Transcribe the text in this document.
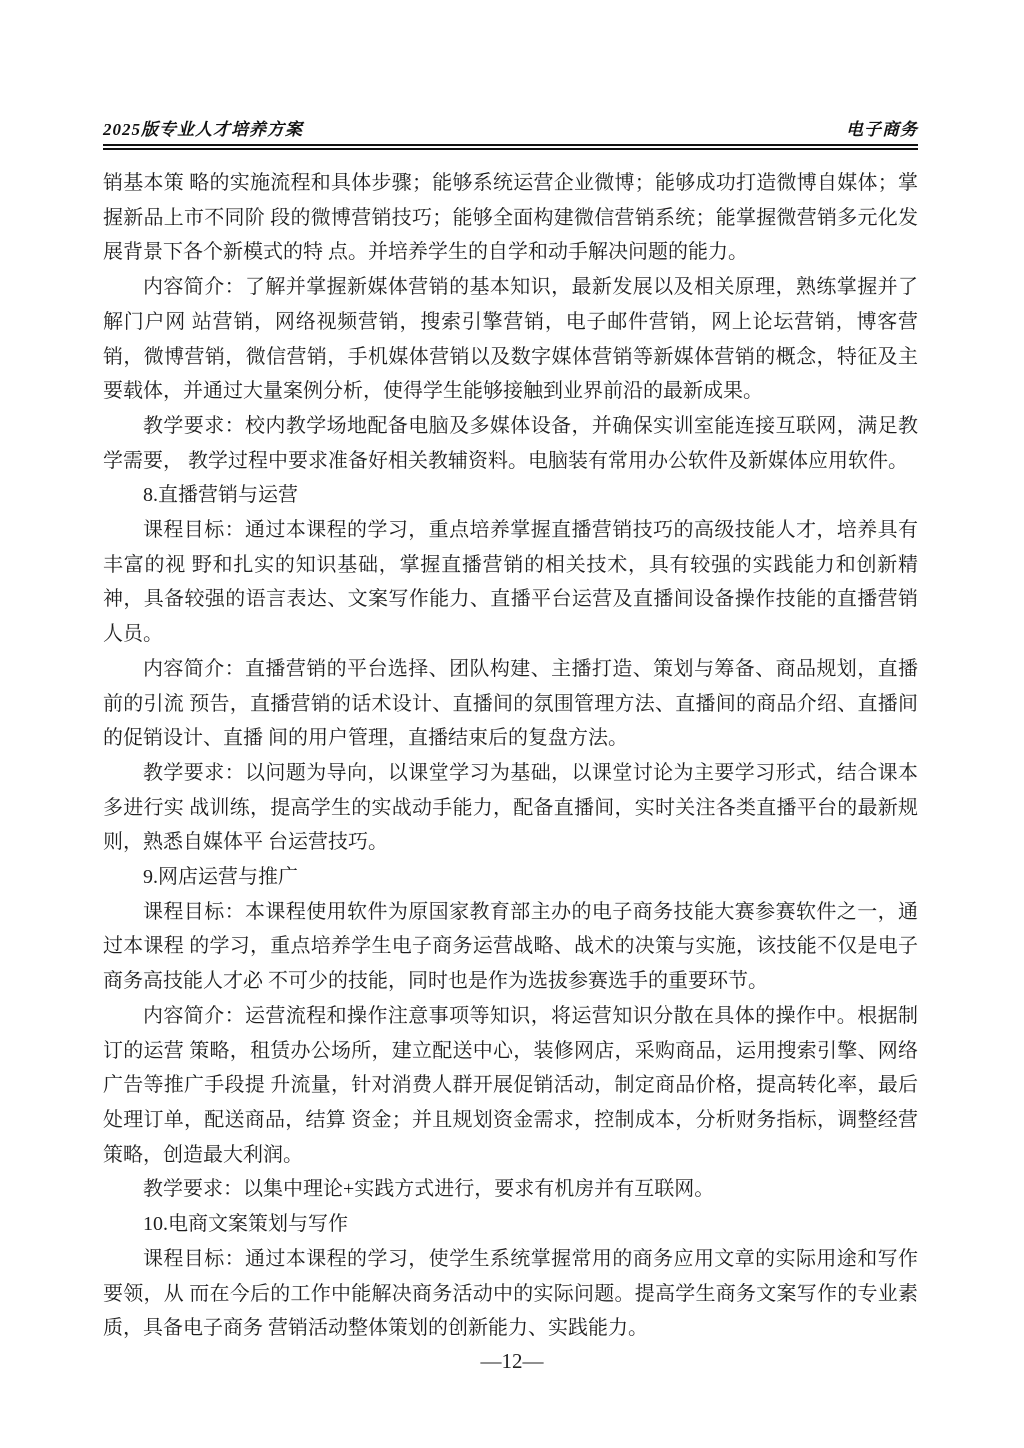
2025版专业人才培养方案	电子商务

销基本策 略的实施流程和具体步骤；能够系统运营企业微博；能够成功打造微博自媒体；掌握新品上市不同阶 段的微博营销技巧；能够全面构建微信营销系统；能掌握微营销多元化发展背景下各个新模式的特 点。并培养学生的自学和动手解决问题的能力。

内容简介：了解并掌握新媒体营销的基本知识，最新发展以及相关原理，熟练掌握并了解门户网 站营销，网络视频营销，搜索引擎营销，电子邮件营销，网上论坛营销，博客营销，微博营销，微信营销，手机媒体营销以及数字媒体营销等新媒体营销的概念，特征及主要载体，并通过大量案例分析，使得学生能够接触到业界前沿的最新成果。

教学要求：校内教学场地配备电脑及多媒体设备，并确保实训室能连接互联网，满足教学需要， 教学过程中要求准备好相关教辅资料。电脑装有常用办公软件及新媒体应用软件。

8.直播营销与运营

课程目标：通过本课程的学习，重点培养掌握直播营销技巧的高级技能人才，培养具有丰富的视 野和扎实的知识基础，掌握直播营销的相关技术，具有较强的实践能力和创新精神，具备较强的语言表达、文案写作能力、直播平台运营及直播间设备操作技能的直播营销人员。

内容简介：直播营销的平台选择、团队构建、主播打造、策划与筹备、商品规划，直播前的引流 预告，直播营销的话术设计、直播间的氛围管理方法、直播间的商品介绍、直播间的促销设计、直播 间的用户管理，直播结束后的复盘方法。

教学要求：以问题为导向，以课堂学习为基础，以课堂讨论为主要学习形式，结合课本多进行实 战训练，提高学生的实战动手能力，配备直播间，实时关注各类直播平台的最新规则，熟悉自媒体平 台运营技巧。

9.网店运营与推广

课程目标：本课程使用软件为原国家教育部主办的电子商务技能大赛参赛软件之一，通过本课程 的学习，重点培养学生电子商务运营战略、战术的决策与实施，该技能不仅是电子商务高技能人才必 不可少的技能，同时也是作为选拔参赛选手的重要环节。

内容简介：运营流程和操作注意事项等知识，将运营知识分散在具体的操作中。根据制订的运营 策略，租赁办公场所，建立配送中心，装修网店，采购商品，运用搜索引擎、网络广告等推广手段提 升流量，针对消费人群开展促销活动，制定商品价格，提高转化率，最后处理订单，配送商品，结算 资金；并且规划资金需求，控制成本，分析财务指标，调整经营策略，创造最大利润。

教学要求：以集中理论+实践方式进行，要求有机房并有互联网。

10.电商文案策划与写作

课程目标：通过本课程的学习，使学生系统掌握常用的商务应用文章的实际用途和写作要领，从 而在今后的工作中能解决商务活动中的实际问题。提高学生商务文案写作的专业素质，具备电子商务 营销活动整体策划的创新能力、实践能力。

—12—
